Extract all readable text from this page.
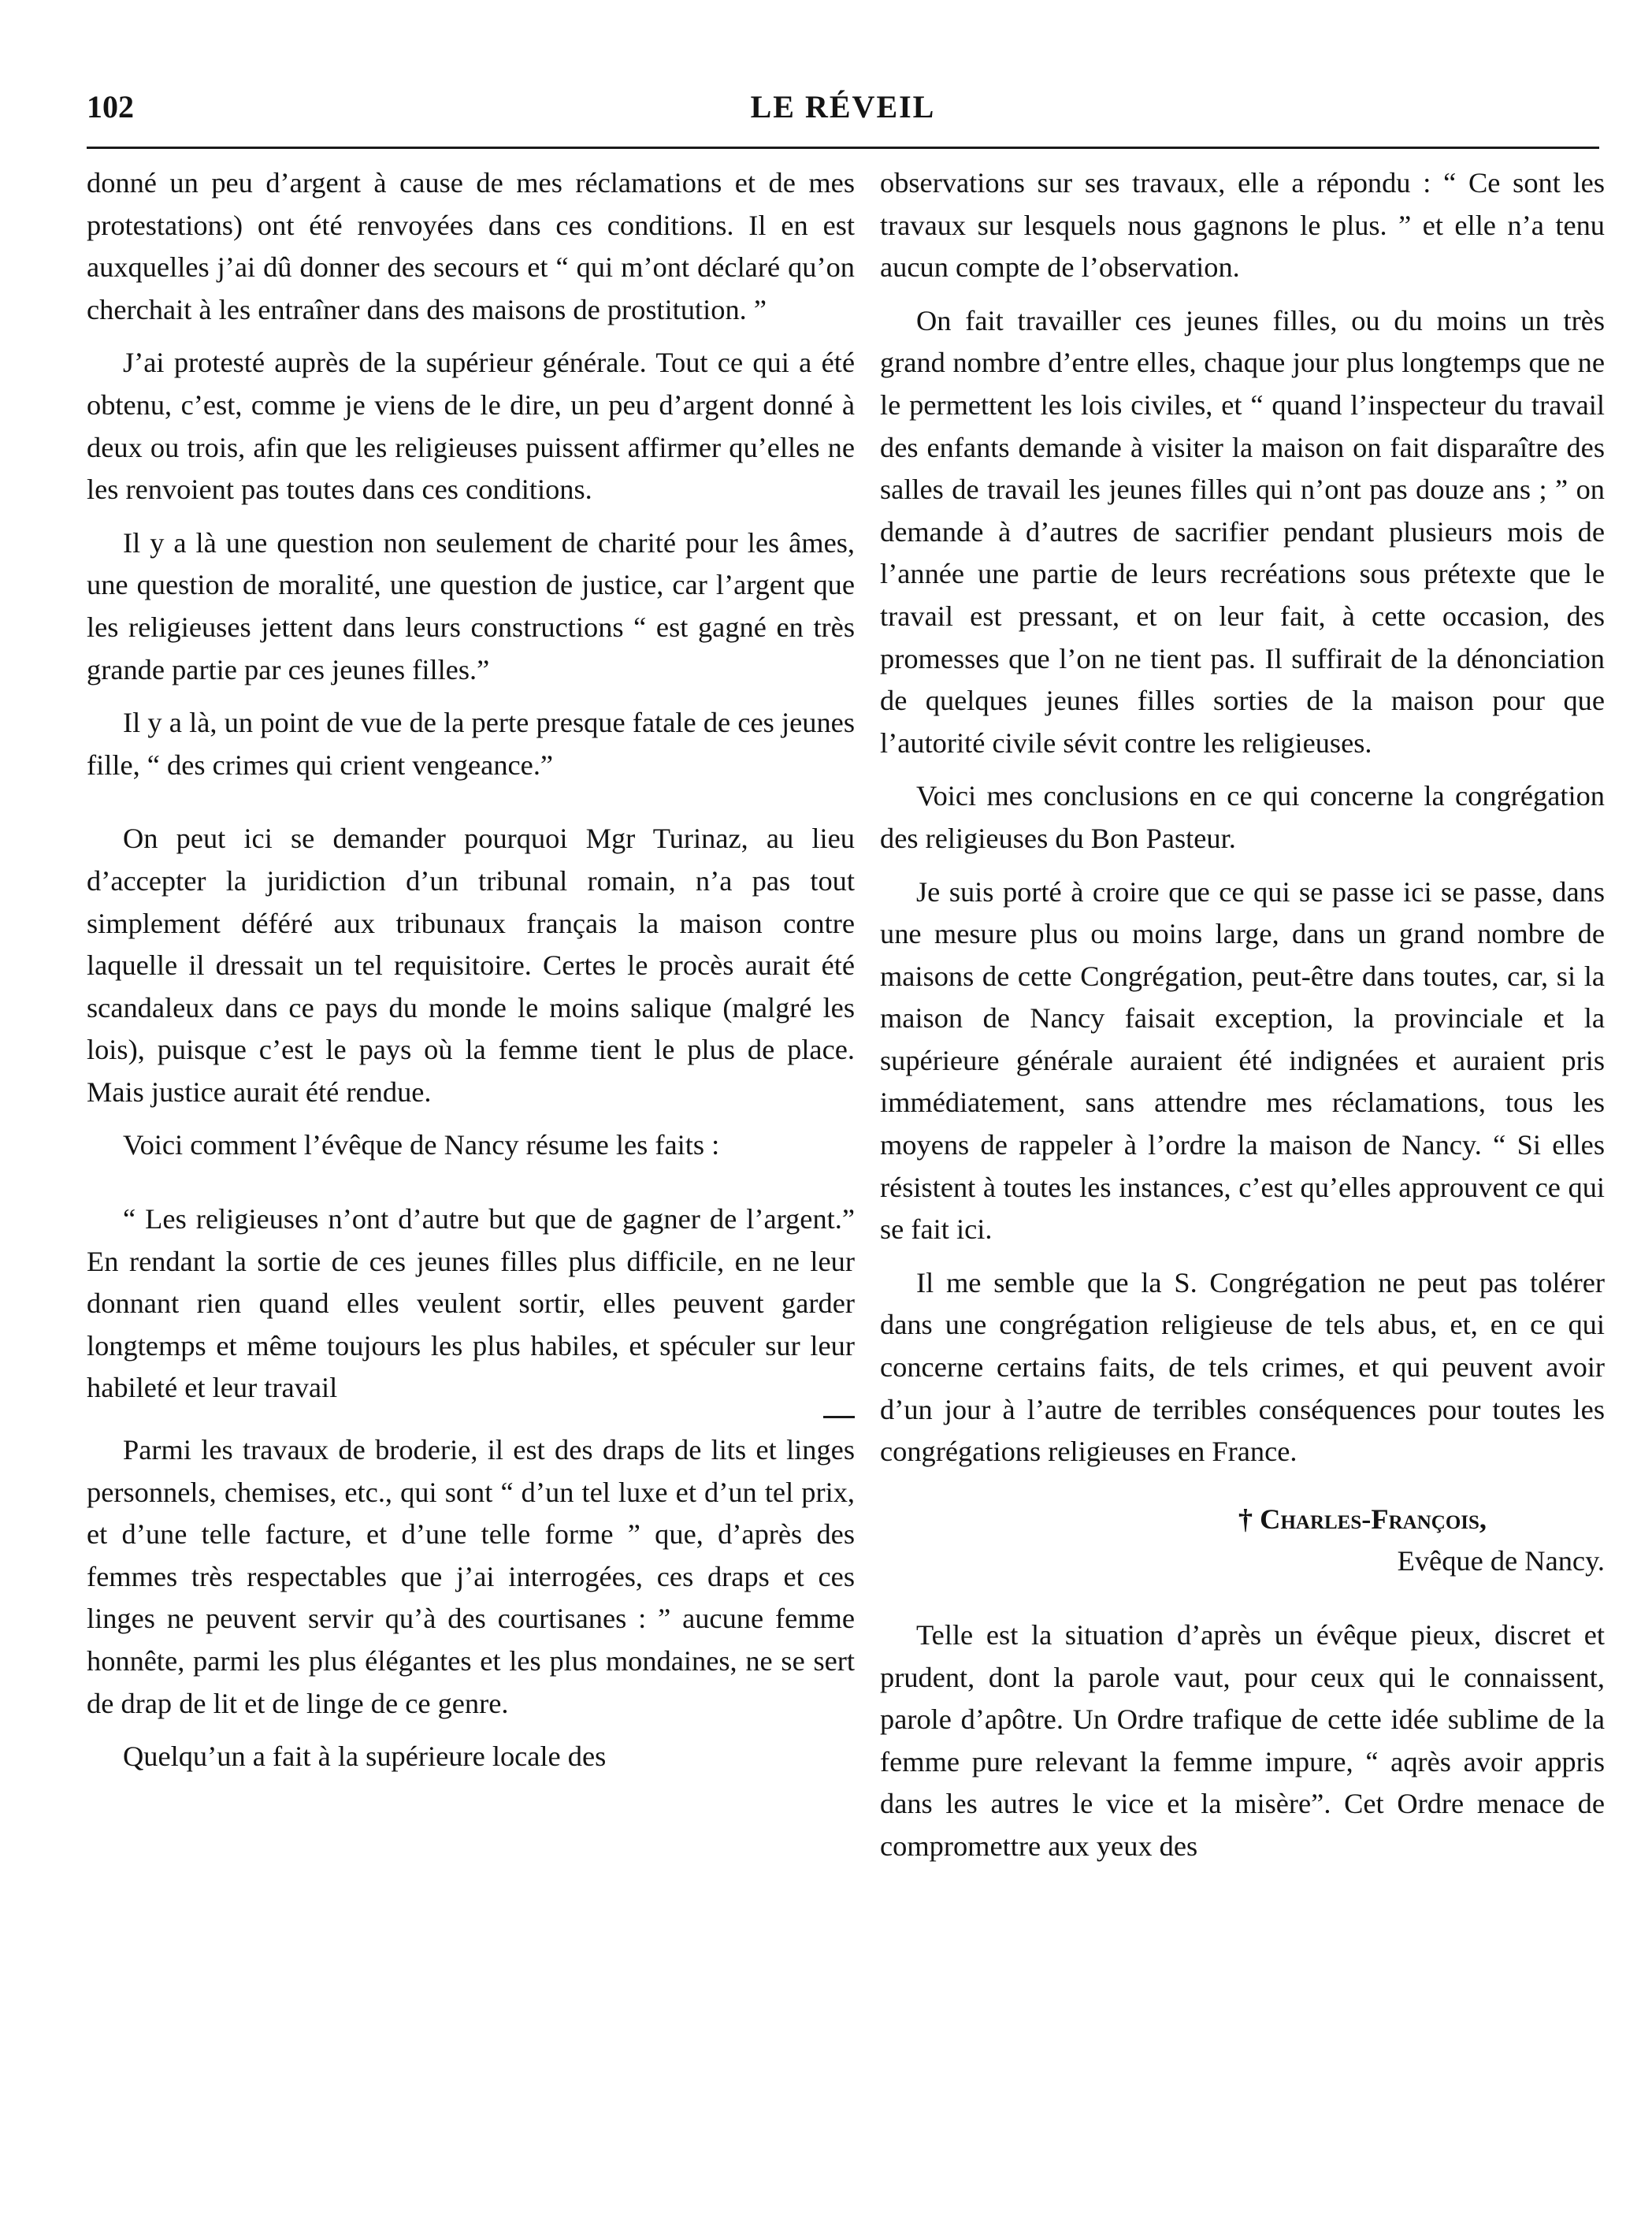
102	LE RÉVEIL

donné un peu d’argent à cause de mes réclamations et de mes protestations) ont été renvoyées dans ces conditions. Il en est auxquelles j’ai dû donner des secours et “ qui m’ont déclaré qu’on cherchait à les entraîner dans des maisons de prostitution. ”

J’ai protesté auprès de la supérieur générale. Tout ce qui a été obtenu, c’est, comme je viens de le dire, un peu d’argent donné à deux ou trois, afin que les religieuses puissent affirmer qu’elles ne les renvoient pas toutes dans ces conditions.

Il y a là une question non seulement de charité pour les âmes, une question de moralité, une question de justice, car l’argent que les religieuses jettent dans leurs constructions “ est gagné en très grande partie par ces jeunes filles.”

Il y a là, un point de vue de la perte presque fatale de ces jeunes fille, “ des crimes qui crient vengeance.”

On peut ici se demander pourquoi Mgr Turinaz, au lieu d’accepter la juridiction d’un tribunal romain, n’a pas tout simplement déféré aux tribunaux français la maison contre laquelle il dressait un tel requisitoire. Certes le procès aurait été scandaleux dans ce pays du monde le moins salique (malgré les lois), puisque c’est le pays où la femme tient le plus de place. Mais justice aurait été rendue.

Voici comment l’évêque de Nancy résume les faits :

“ Les religieuses n’ont d’autre but que de gagner de l’argent.” En rendant la sortie de ces jeunes filles plus difficile, en ne leur donnant rien quand elles veulent sortir, elles peuvent garder longtemps et même toujours les plus habiles, et spéculer sur leur habileté et leur travail

Parmi les travaux de broderie, il est des draps de lits et linges personnels, chemises, etc., qui sont “ d’un tel luxe et d’un tel prix, et d’une telle facture, et d’une telle forme ” que, d’après des femmes très respectables que j’ai interrogées, ces draps et ces linges ne peuvent servir qu’à des courtisanes : ” aucune femme honnête, parmi les plus élégantes et les plus mondaines, ne se sert de drap de lit et de linge de ce genre.

Quelqu’un a fait à la supérieure locale des

observations sur ses travaux, elle a répondu : “ Ce sont les travaux sur lesquels nous gagnons le plus. ” et elle n’a tenu aucun compte de l’observation.

On fait travailler ces jeunes filles, ou du moins un très grand nombre d’entre elles, chaque jour plus longtemps que ne le permettent les lois civiles, et “ quand l’inspecteur du travail des enfants demande à visiter la maison on fait disparaître des salles de travail les jeunes filles qui n’ont pas douze ans ; ” on demande à d’autres de sacrifier pendant plusieurs mois de l’année une partie de leurs recréations sous prétexte que le travail est pressant, et on leur fait, à cette occasion, des promesses que l’on ne tient pas. Il suffirait de la dénonciation de quelques jeunes filles sorties de la maison pour que l’autorité civile sévit contre les religieuses.

Voici mes conclusions en ce qui concerne la congrégation des religieuses du Bon Pasteur.

Je suis porté à croire que ce qui se passe ici se passe, dans une mesure plus ou moins large, dans un grand nombre de maisons de cette Congrégation, peut-être dans toutes, car, si la maison de Nancy faisait exception, la provinciale et la supérieure générale auraient été indignées et auraient pris immédiatement, sans attendre mes réclamations, tous les moyens de rappeler à l’ordre la maison de Nancy. “ Si elles résistent à toutes les instances, c’est qu’elles approuvent ce qui se fait ici.

Il me semble que la S. Congrégation ne peut pas tolérer dans une congrégation religieuse de tels abus, et, en ce qui concerne certains faits, de tels crimes, et qui peuvent avoir d’un jour à l’autre de terribles conséquences pour toutes les congrégations religieuses en France.

† Charles-François,
Evêque de Nancy.

Telle est la situation d’après un évêque pieux, discret et prudent, dont la parole vaut, pour ceux qui le connaissent, parole d’apôtre. Un Ordre trafique de cette idée sublime de la femme pure relevant la femme impure, “ aqrès avoir appris dans les autres le vice et la misère”. Cet Ordre menace de compromettre aux yeux des
